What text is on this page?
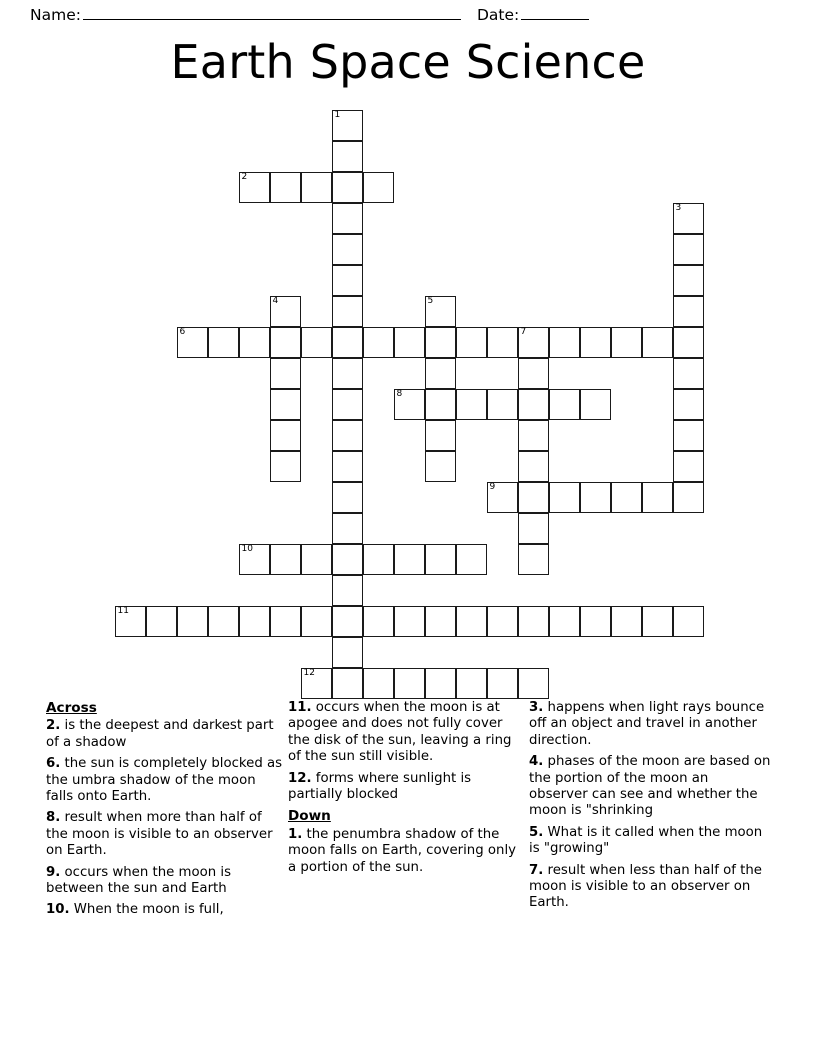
Name:	Date:
Earth Space Science
1
2
3
4	5
6	7
8
9
10
11
12
Across

2. is the deepest and darkest part of a shadow

6. the sun is completely blocked as the umbra shadow of the moon falls onto Earth.

8. result when more than half of the moon is visible to an observer on Earth.

9. occurs when the moon is between the sun and Earth

10. When the moon is full,

11. occurs when the moon is at apogee and does not fully cover the disk of the sun, leaving a ring of the sun still visible.

12. forms where sunlight is partially blocked

Down

1. the penumbra shadow of the moon falls on Earth, covering only a portion of the sun.

3. happens when light rays bounce off an object and travel in another direction.

4. phases of the moon are based on the portion of the moon an observer can see and whether the moon is "shrinking

5. What is it called when the moon is "growing"

7. result when less than half of the moon is visible to an observer on Earth.
